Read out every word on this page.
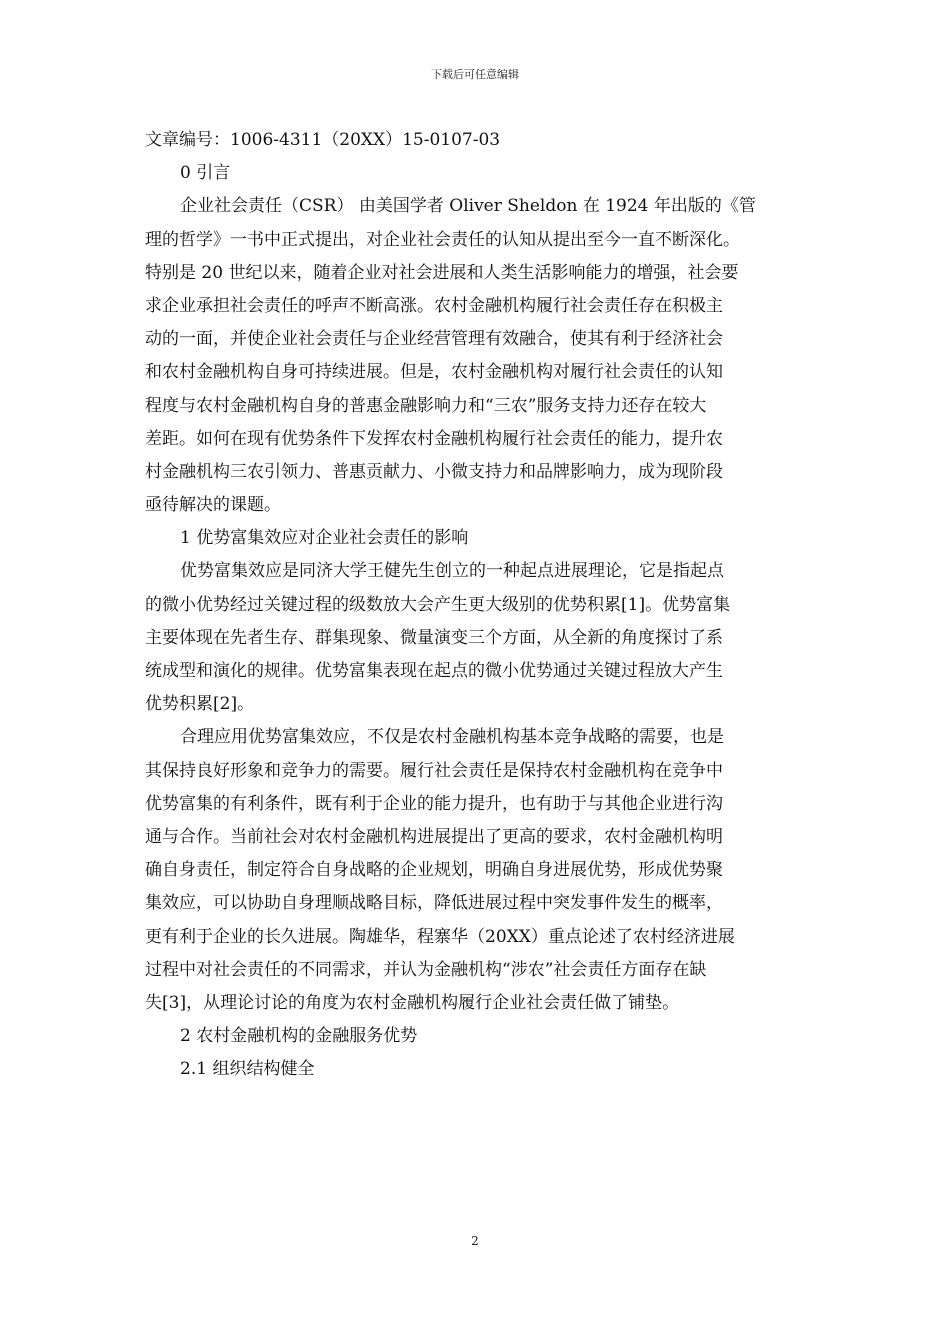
下载后可任意编辑
文章编号：1006-4311（20XX）15-0107-03
0 引言
企业社会责任（CSR） 由美国学者 Oliver Sheldon 在 1924 年出版的《管
理的哲学》一书中正式提出，对企业社会责任的认知从提出至今一直不断深化。
特别是 20 世纪以来，随着企业对社会进展和人类生活影响能力的增强，社会要
求企业承担社会责任的呼声不断高涨。农村金融机构履行社会责任存在积极主
动的一面，并使企业社会责任与企业经营管理有效融合，使其有利于经济社会
和农村金融机构自身可持续进展。但是，农村金融机构对履行社会责任的认知
程度与农村金融机构自身的普惠金融影响力和“三农”服务支持力还存在较大
差距。如何在现有优势条件下发挥农村金融机构履行社会责任的能力，提升农
村金融机构三农引领力、普惠贡献力、小微支持力和品牌影响力，成为现阶段
亟待解决的课题。
1 优势富集效应对企业社会责任的影响
优势富集效应是同济大学王健先生创立的一种起点进展理论，它是指起点
的微小优势经过关键过程的级数放大会产生更大级别的优势积累[1]。优势富集
主要体现在先者生存、群集现象、微量演变三个方面，从全新的角度探讨了系
统成型和演化的规律。优势富集表现在起点的微小优势通过关键过程放大产生
优势积累[2]。
合理应用优势富集效应，不仅是农村金融机构基本竞争战略的需要，也是
其保持良好形象和竞争力的需要。履行社会责任是保持农村金融机构在竞争中
优势富集的有利条件，既有利于企业的能力提升，也有助于与其他企业进行沟
通与合作。当前社会对农村金融机构进展提出了更高的要求，农村金融机构明
确自身责任，制定符合自身战略的企业规划，明确自身进展优势，形成优势聚
集效应，可以协助自身理顺战略目标，降低进展过程中突发事件发生的概率，
更有利于企业的长久进展。陶雄华，程寨华（20XX）重点论述了农村经济进展
过程中对社会责任的不同需求，并认为金融机构“涉农”社会责任方面存在缺
失[3]，从理论讨论的角度为农村金融机构履行企业社会责任做了铺垫。
2 农村金融机构的金融服务优势
2.1 组织结构健全
2
